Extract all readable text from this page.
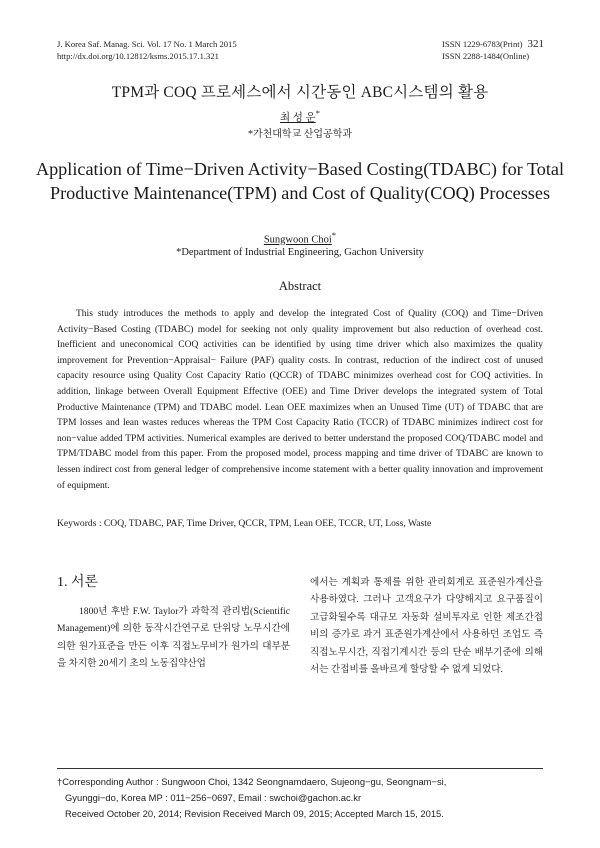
J. Korea Saf. Manag. Sci. Vol. 17 No. 1 March 2015
http://dx.doi.org/10.12812/ksms.2015.17.1.321
ISSN 1229-6783(Print) 321
ISSN 2288-1484(Online)
TPM과 COQ 프로세스에서 시간동인 ABC시스템의 활용
최 성 운*
*가천대학교 산업공학과
Application of Time−Driven Activity−Based Costing(TDABC) for Total Productive Maintenance(TPM) and Cost of Quality(COQ) Processes
Sungwoon Choi*
*Department of Industrial Engineering, Gachon University
Abstract

This study introduces the methods to apply and develop the integrated Cost of Quality (COQ) and Time−Driven Activity−Based Costing (TDABC) model for seeking not only quality improvement but also reduction of overhead cost. Inefficient and uneconomical COQ activities can be identified by using time driver which also maximizes the quality improvement for Prevention−Appraisal− Failure (PAF) quality costs. In contrast, reduction of the indirect cost of unused capacity resource using Quality Cost Capacity Ratio (QCCR) of TDABC minimizes overhead cost for COQ activities. In addition, linkage between Overall Equipment Effective (OEE) and Time Driver develops the integrated system of Total Productive Maintenance (TPM) and TDABC model. Lean OEE maximizes when an Unused Time (UT) of TDABC that are TPM losses and lean wastes reduces whereas the TPM Cost Capacity Ratio (TCCR) of TDABC minimizes indirect cost for non−value added TPM activities. Numerical examples are derived to better understand the proposed COQ/TDABC model and TPM/TDABC model from this paper. From the proposed model, process mapping and time driver of TDABC are known to lessen indirect cost from general ledger of comprehensive income statement with a better quality innovation and improvement of equipment.

Keywords : COQ, TDABC, PAF, Time Driver, QCCR, TPM, Lean OEE, TCCR, UT, Loss, Waste
1. 서론

1800년 후반 F.W. Taylor가 과학적 관리법(Scientific Management)에 의한 동작시간연구로 단위당 노무시간에 의한 원가표준을 만든 이후 직접노무비가 원가의 대부분을 차지한 20세기 초의 노동집약산업

에서는 계획과 통제를 위한 관리회계로 표준원가계산을 사용하였다. 그러나 고객요구가 다양해지고 요구품질이 고급화될수록 대규모 자동화 설비투자로 인한 제조간접비의 증가로 과거 표준원가계산에서 사용하던 조업도 즉 직접노무시간, 직접기계시간 등의 단순 배부기준에 의해서는 간접비를 올바르게 할당할 수 없게 되었다.

†Corresponding Author : Sungwoon Choi, 1342 Seongnamdaero, Sujeong−gu, Seongnam−si,
Gyunggi−do, Korea MP : 011−256−0697, Email : swchoi@gachon.ac.kr
Received October 20, 2014; Revision Received March 09, 2015; Accepted March 15, 2015.
